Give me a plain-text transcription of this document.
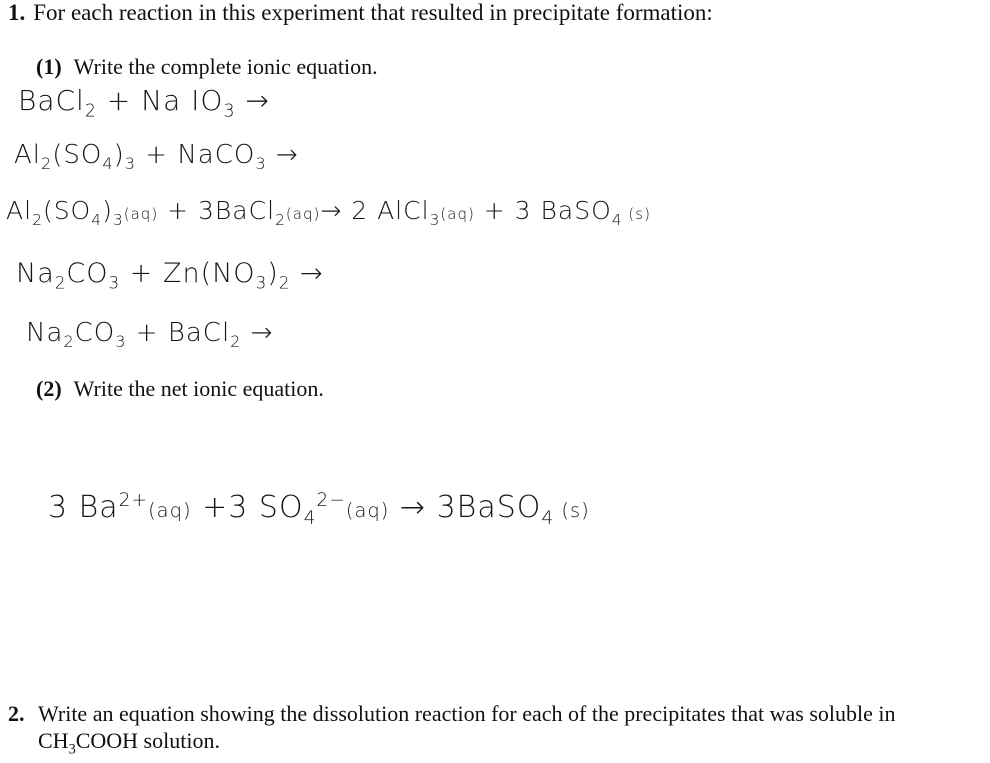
1. For each reaction in this experiment that resulted in precipitate formation:
(1) Write the complete ionic equation.
BaCl$_2$ + Na $IO_3$ →
$Al_2(SO_4)_3$ + NaCO$_3$ →
$Al_2(SO_4)_3(aq)$ + 3BaCl$_2$(aq)→ 2 AlCl$_3$(aq) + 3 BaSO$_4$ (s)
$Na_2CO_3 + Zn(NO_3)_2$ →
$Na_2CO_3$ + BaCl$_2$ →
(2) Write the net ionic equation.
3 $Ba^{2+}(aq) +3$ $SO_4^{2-}(aq)$ → 3BaSO$_4$ (s)
2. Write an equation showing the dissolution reaction for each of the precipitates that was soluble in
$CH_3COOH$ solution.
